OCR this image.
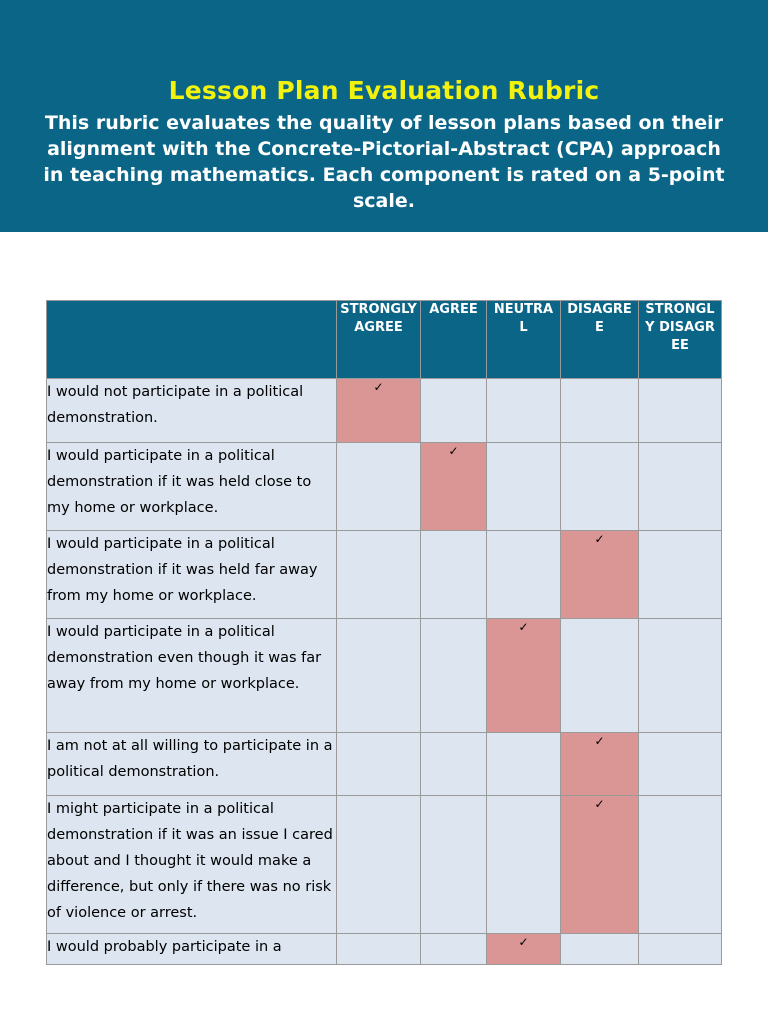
Lesson Plan Evaluation Rubric
This rubric evaluates the quality of lesson plans based on their alignment with the Concrete-Pictorial-Abstract (CPA) approach in teaching mathematics. Each component is rated on a 5-point scale.

	STRONGLY AGREE	AGREE	NEUTRAL	DISAGREE	STRONGLY DISAGREE

I would not participate in a political demonstration.	✓				
I would participate in a political demonstration if it was held close to my home or workplace.		✓			
I would participate in a political demonstration if it was held far away from my home or workplace.				✓	
I would participate in a political demonstration even though it was far away from my home or workplace.			✓		
I am not at all willing to participate in a political demonstration.				✓	
I might participate in a political demonstration if it was an issue I cared about and I thought it would make a difference, but only if there was no risk of violence or arrest.				✓	
I would probably participate in a			✓		
